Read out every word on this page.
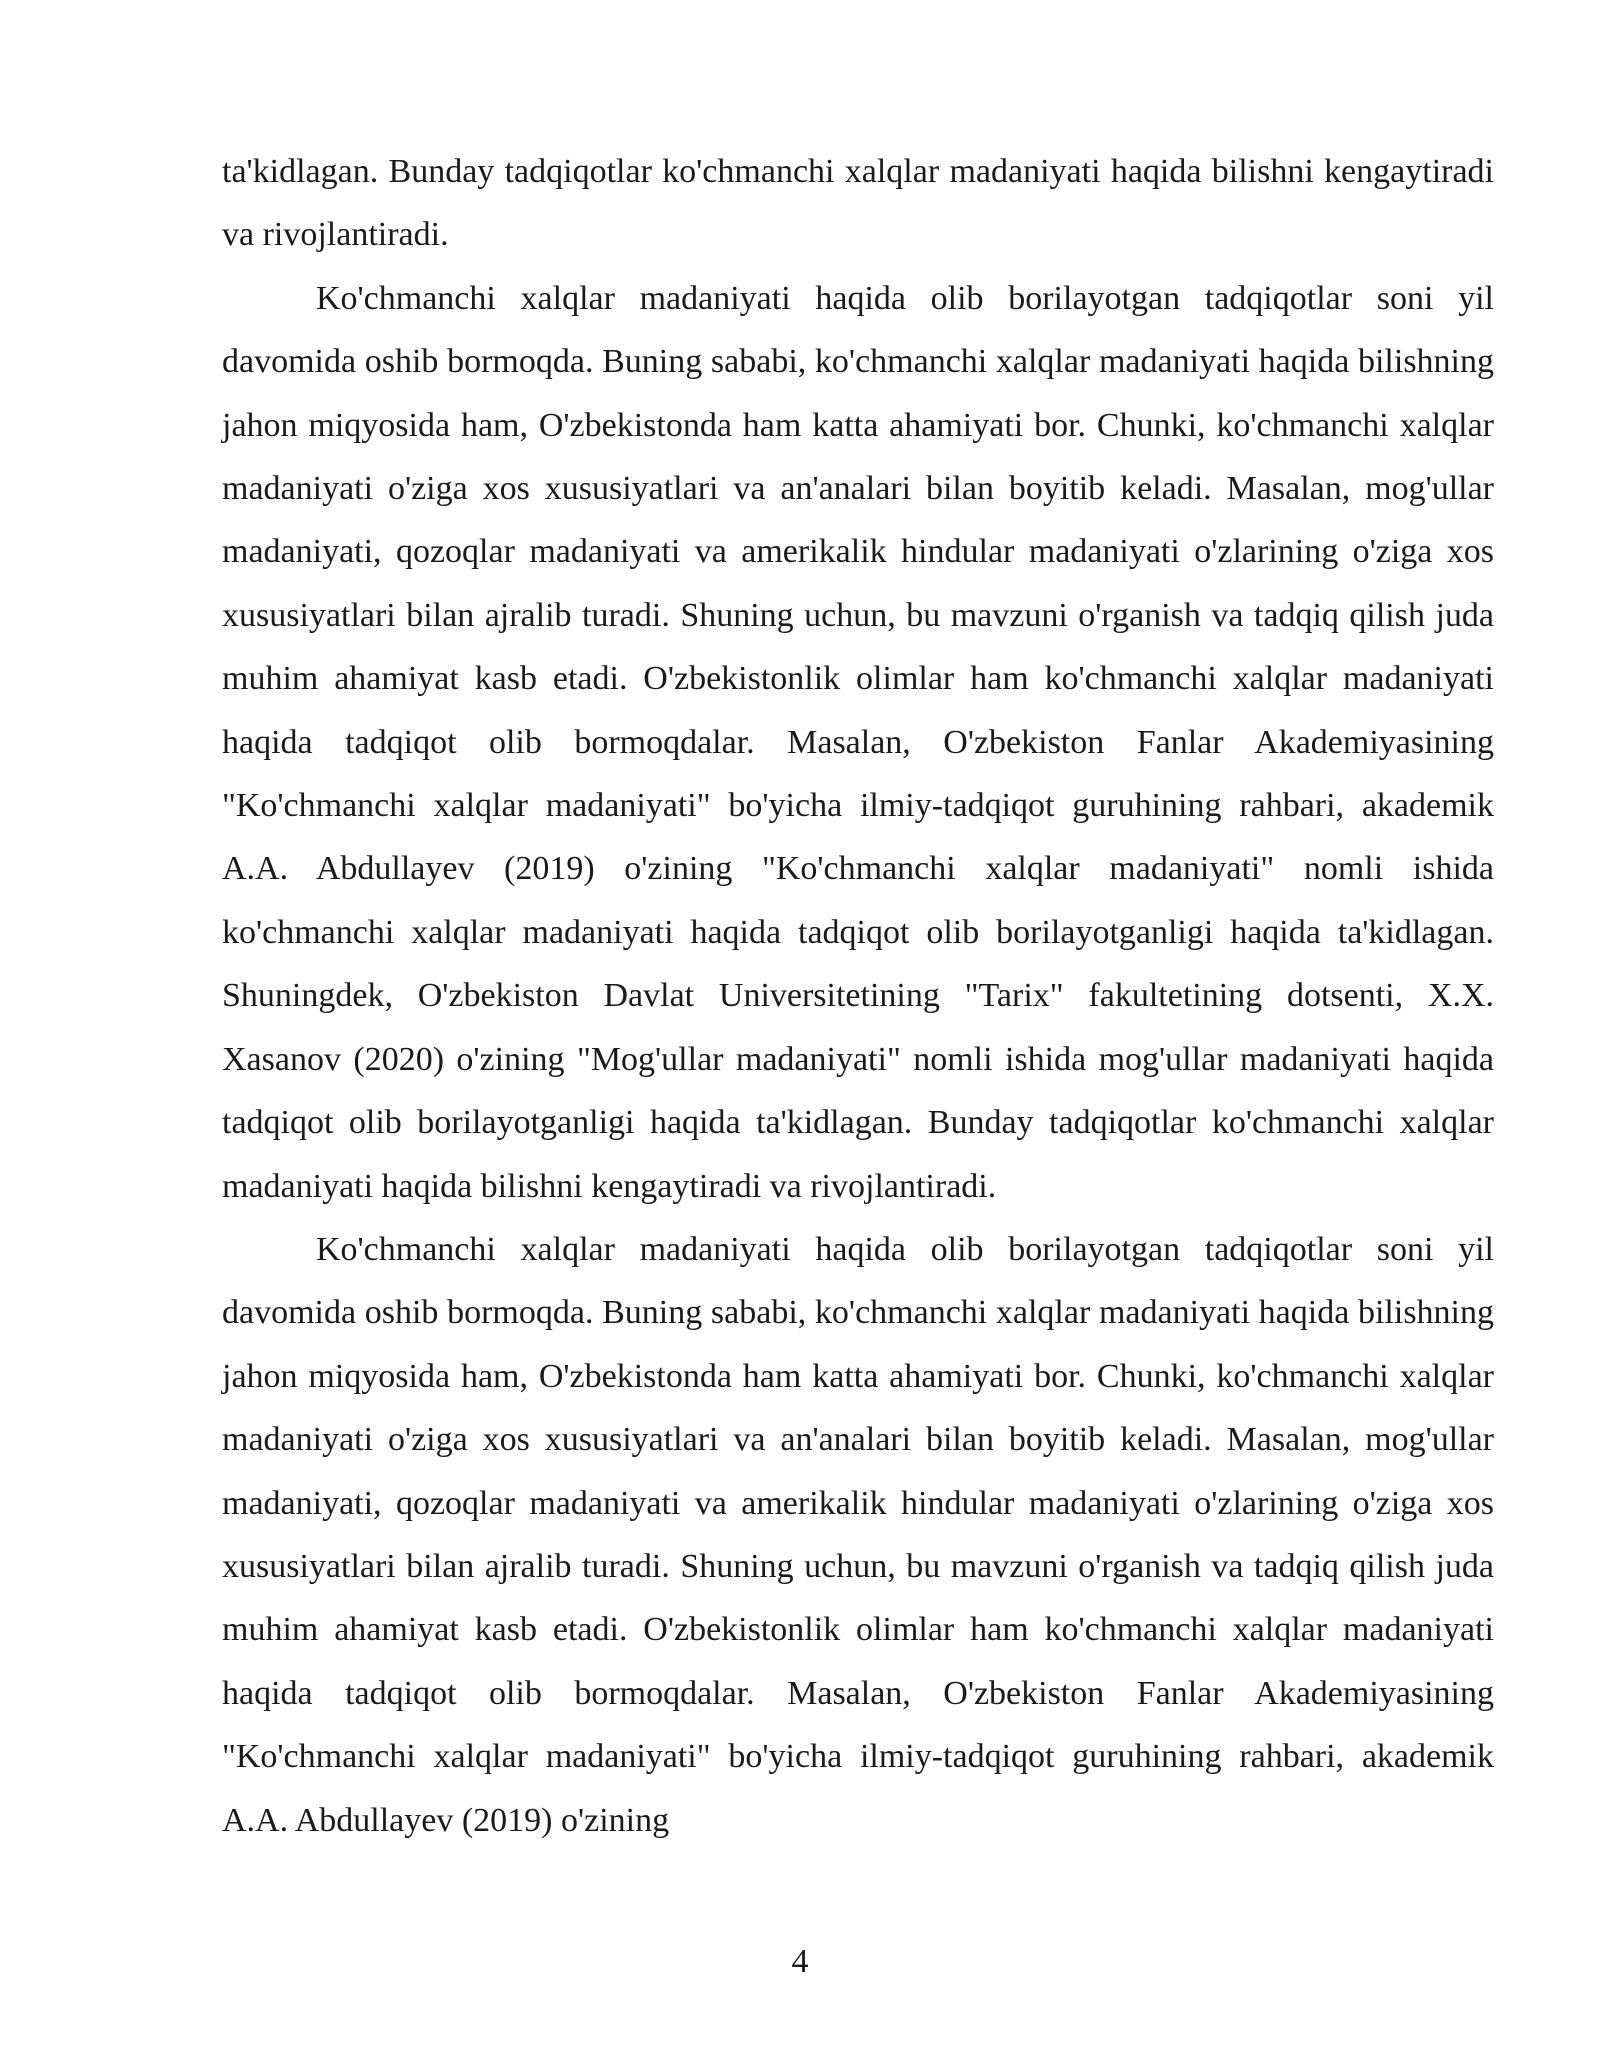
ta'kidlagan. Bunday tadqiqotlar ko'chmanchi xalqlar madaniyati haqida bilishni kengaytiradi va rivojlantiradi.

Ko'chmanchi xalqlar madaniyati haqida olib borilayotgan tadqiqotlar soni yil davomida oshib bormoqda. Buning sababi, ko'chmanchi xalqlar madaniyati haqida bilishning jahon miqyosida ham, O'zbekistonda ham katta ahamiyati bor. Chunki, ko'chmanchi xalqlar madaniyati o'ziga xos xususiyatlari va an'analari bilan boyitib keladi. Masalan, mog'ullar madaniyati, qozoqlar madaniyati va amerikalik hindular madaniyati o'zlarining o'ziga xos xususiyatlari bilan ajralib turadi. Shuning uchun, bu mavzuni o'rganish va tadqiq qilish juda muhim ahamiyat kasb etadi. O'zbekistonlik olimlar ham ko'chmanchi xalqlar madaniyati haqida tadqiqot olib bormoqdalar. Masalan, O'zbekiston Fanlar Akademiyasining "Ko'chmanchi xalqlar madaniyati" bo'yicha ilmiy-tadqiqot guruhining rahbari, akademik A.A. Abdullayev (2019) o'zining "Ko'chmanchi xalqlar madaniyati" nomli ishida ko'chmanchi xalqlar madaniyati haqida tadqiqot olib borilayotganligi haqida ta'kidlagan. Shuningdek, O'zbekiston Davlat Universitetining "Tarix" fakultetining dotsenti, X.X. Xasanov (2020) o'zining "Mog'ullar madaniyati" nomli ishida mog'ullar madaniyati haqida tadqiqot olib borilayotganligi haqida ta'kidlagan. Bunday tadqiqotlar ko'chmanchi xalqlar madaniyati haqida bilishni kengaytiradi va rivojlantiradi.

Ko'chmanchi xalqlar madaniyati haqida olib borilayotgan tadqiqotlar soni yil davomida oshib bormoqda. Buning sababi, ko'chmanchi xalqlar madaniyati haqida bilishning jahon miqyosida ham, O'zbekistonda ham katta ahamiyati bor. Chunki, ko'chmanchi xalqlar madaniyati o'ziga xos xususiyatlari va an'analari bilan boyitib keladi. Masalan, mog'ullar madaniyati, qozoqlar madaniyati va amerikalik hindular madaniyati o'zlarining o'ziga xos xususiyatlari bilan ajralib turadi. Shuning uchun, bu mavzuni o'rganish va tadqiq qilish juda muhim ahamiyat kasb etadi. O'zbekistonlik olimlar ham ko'chmanchi xalqlar madaniyati haqida tadqiqot olib bormoqdalar. Masalan, O'zbekiston Fanlar Akademiyasining "Ko'chmanchi xalqlar madaniyati" bo'yicha ilmiy-tadqiqot guruhining rahbari, akademik A.A. Abdullayev (2019) o'zining

4
